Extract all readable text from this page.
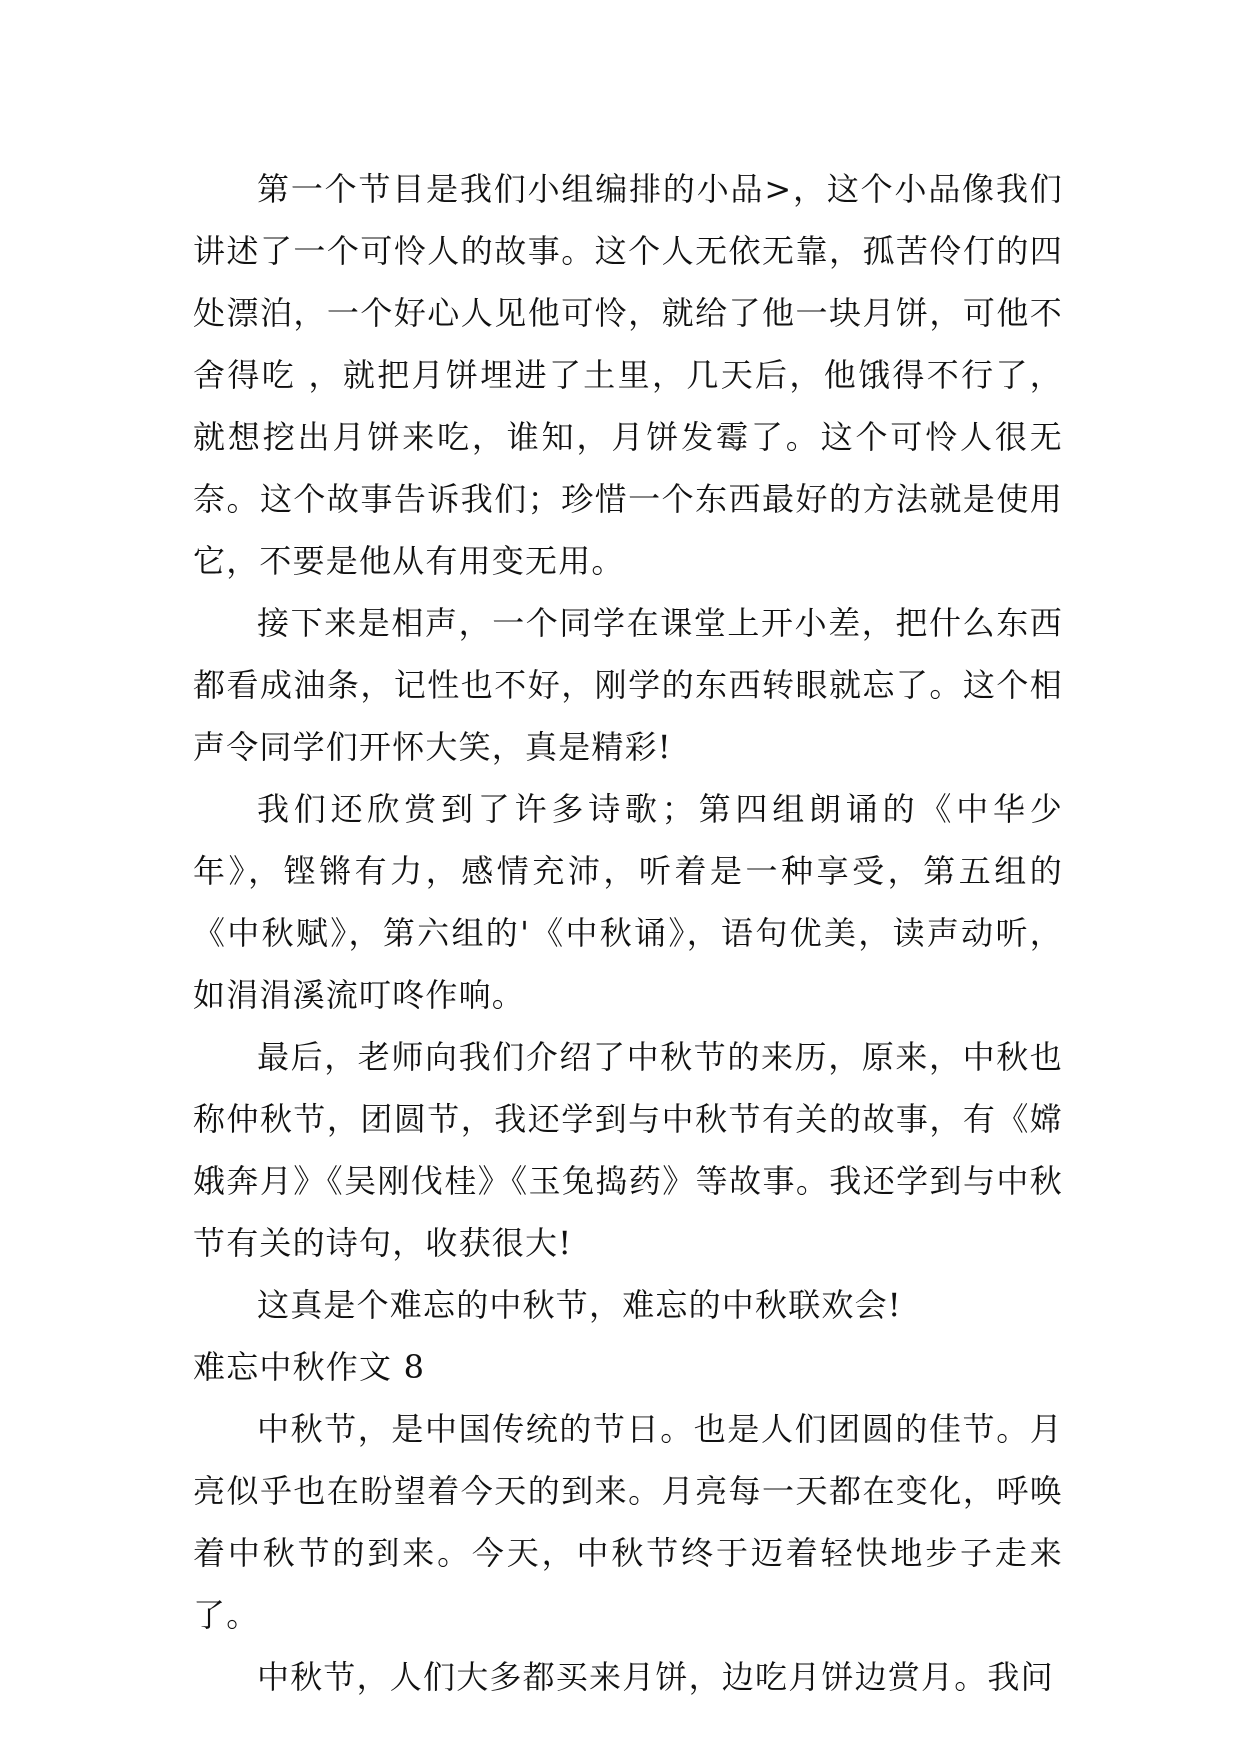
第一个节目是我们小组编排的小品>，这个小品像我们讲述了一个可怜人的故事。这个人无依无靠，孤苦伶仃的四处漂泊，一个好心人见他可怜，就给了他一块月饼，可他不舍得吃 ，就把月饼埋进了土里，几天后，他饿得不行了，就想挖出月饼来吃，谁知，月饼发霉了。这个可怜人很无奈。这个故事告诉我们；珍惜一个东西最好的方法就是使用它，不要是他从有用变无用。

接下来是相声，一个同学在课堂上开小差，把什么东西都看成油条，记性也不好，刚学的东西转眼就忘了。这个相声令同学们开怀大笑，真是精彩!

我们还欣赏到了许多诗歌；第四组朗诵的《中华少年》，铿锵有力，感情充沛，听着是一种享受，第五组的《中秋赋》，第六组的'《中秋诵》，语句优美，读声动听，如涓涓溪流叮咚作响。

最后，老师向我们介绍了中秋节的来历，原来，中秋也称仲秋节，团圆节，我还学到与中秋节有关的故事，有《嫦娥奔月》《吴刚伐桂》《玉兔捣药》等故事。我还学到与中秋节有关的诗句，收获很大!

这真是个难忘的中秋节，难忘的中秋联欢会!

难忘中秋作文 8

中秋节，是中国传统的节日。也是人们团圆的佳节。月亮似乎也在盼望着今天的到来。月亮每一天都在变化，呼唤着中秋节的到来。今天，中秋节终于迈着轻快地步子走来了。

中秋节，人们大多都买来月饼，边吃月饼边赏月。我问
